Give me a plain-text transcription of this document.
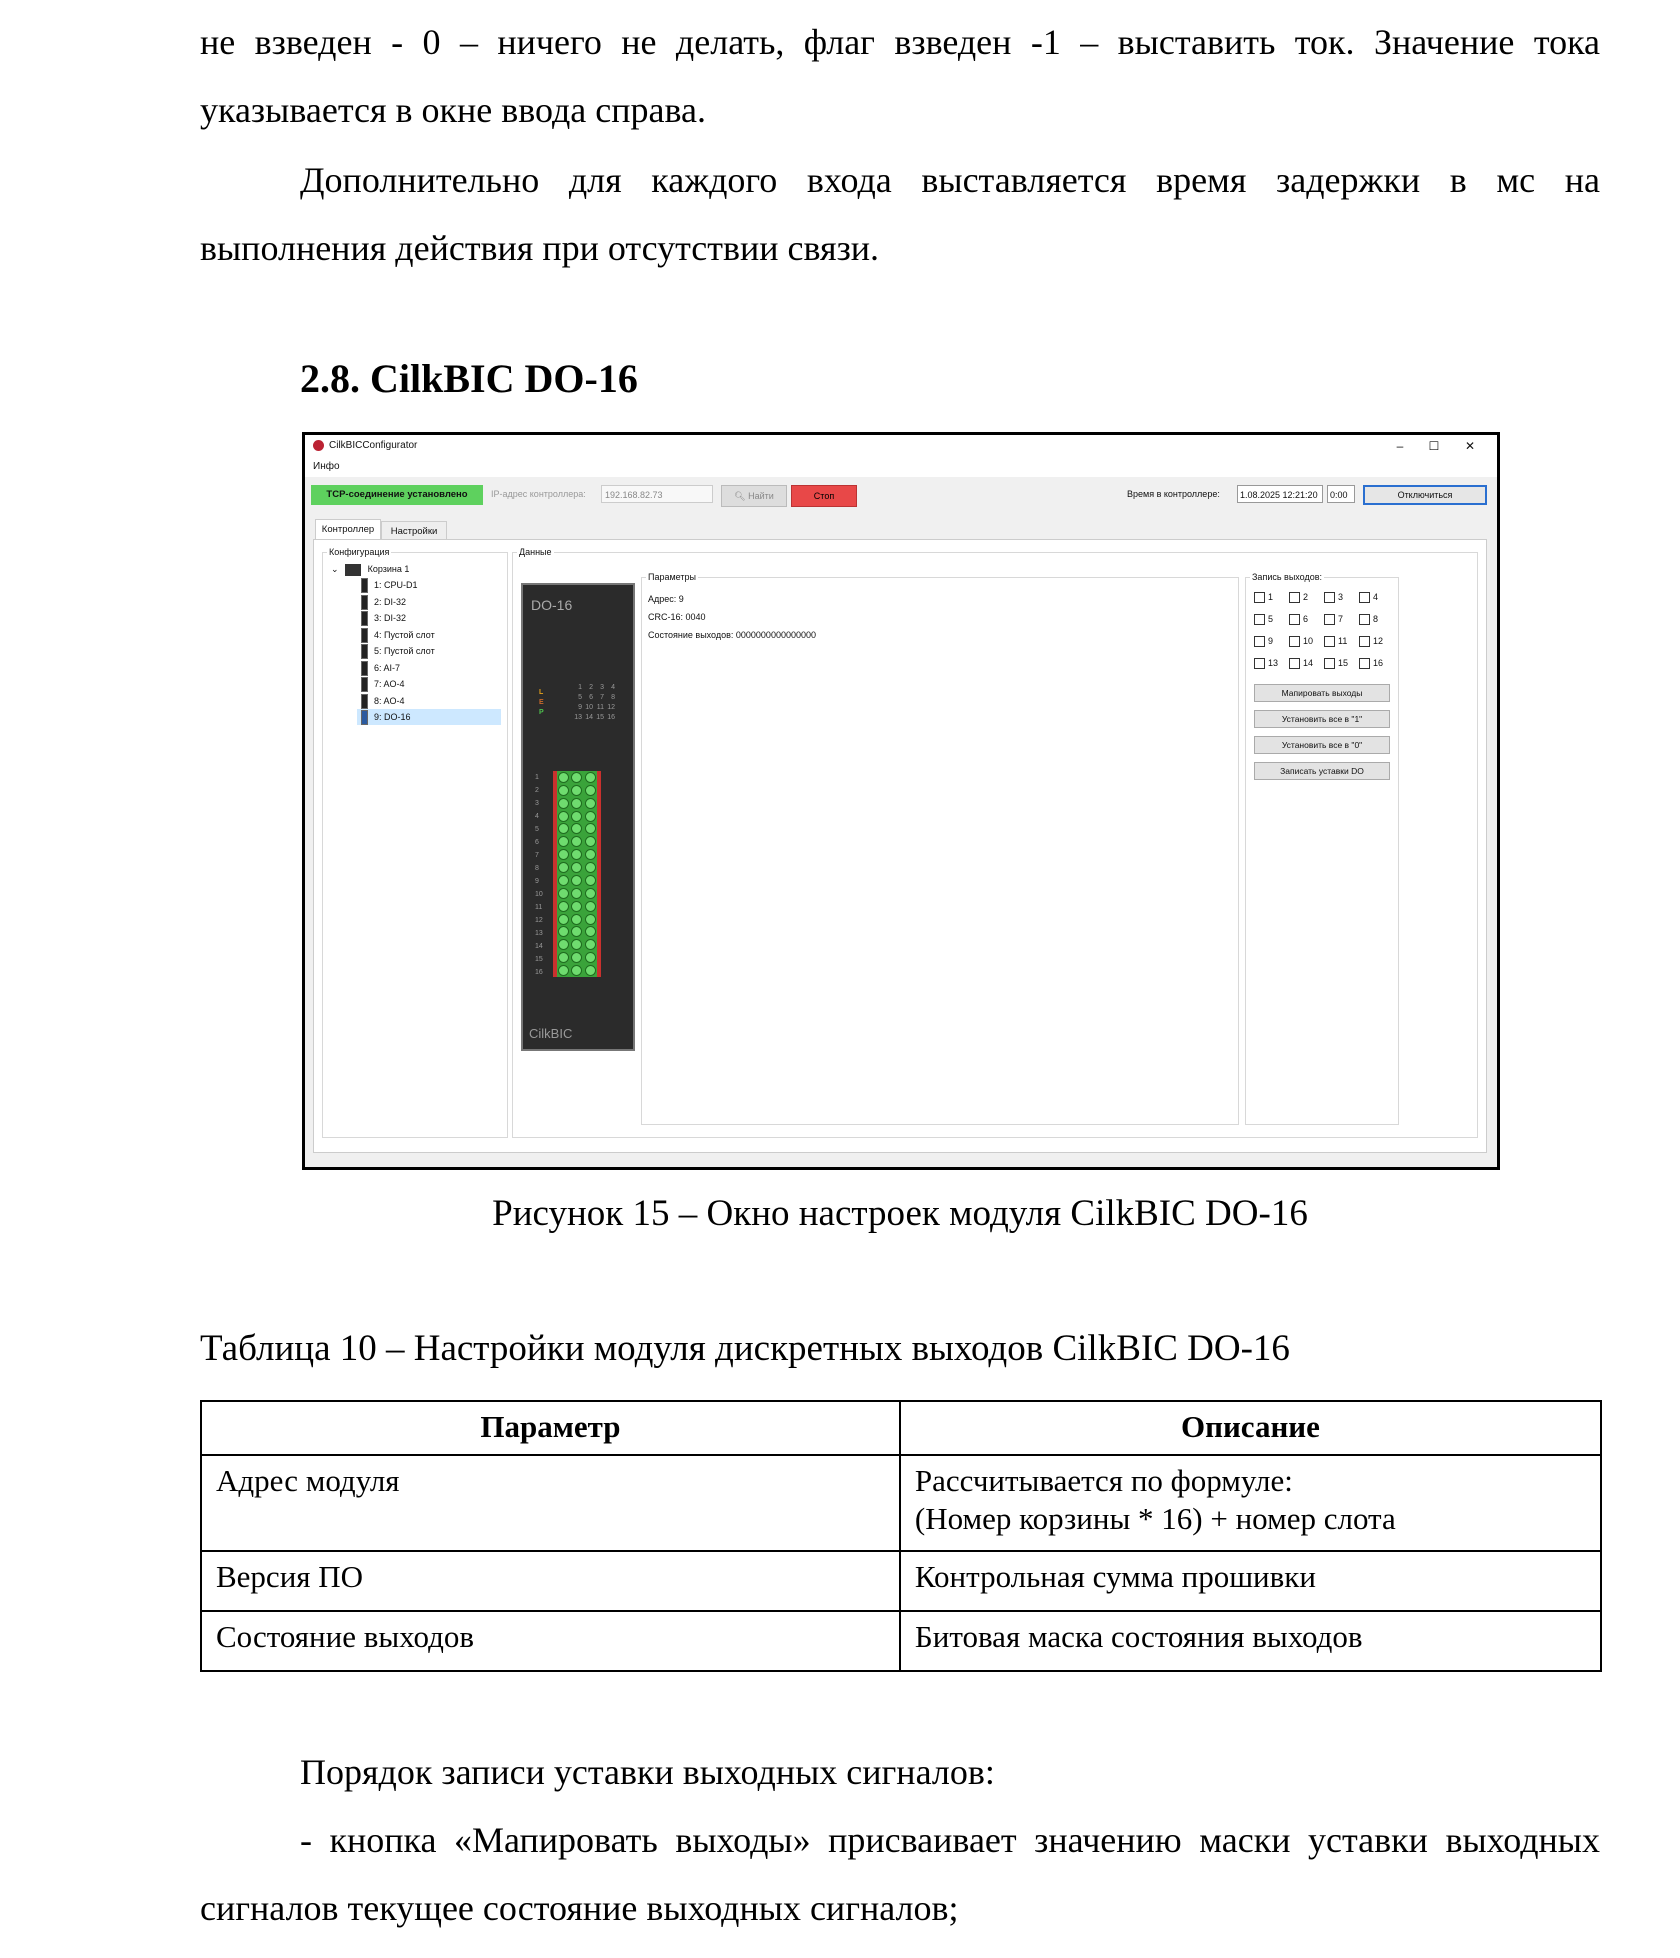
не взведен - 0 – ничего не делать, флаг взведен -1 – выставить ток. Значение тока указывается в окне ввода справа.

Дополнительно для каждого входа выставляется время задержки в мс на выполнения действия при отсутствии связи.

2.8. CilkBIC DO-16
CilkBICConfigurator	–	☐	✕
Инфо
TCP-соединение установлено	IP-адрес контроллера:	192.168.82.73	🔍︎ Найти	Стоп	Время в контроллере:	1.08.2025 12:21:20	0:00	Отключиться
Контроллер	Настройки
Конфигурация
⌄	Корзина 1
1: CPU-D1
2: DI-32
3: DI-32
4: Пустой слот
5: Пустой слот
6: AI-7
7: AO-4
8: AO-4
9: DO-16
Данные
DO-16
L
E
P
1 2 3 4
5 6 7 8
9 10 11 12
13 14 15 16
1
2
3
4
5
6
7
8
9
10
11
12
13
14
15
16
CilkBIC
Параметры
Адрес: 9
CRC-16: 0040
Состояние выходов: 0000000000000000
Запись выходов:
1	2	3	4
5	6	7	8
9	10	11	12
13	14	15	16
Мапировать выходы
Установить все в "1"
Установить все в "0"
Записать уставки DO
Рисунок 15 – Окно настроек модуля CilkBIC DO-16
Таблица 10 – Настройки модуля дискретных выходов CilkBIC DO-16
Параметр	Описание
Адрес модуля	Рассчитывается по формуле:
(Номер корзины * 16) + номер слота

Версия ПО	Контрольная сумма прошивки
Состояние выходов	Битовая маска состояния выходов

Порядок записи уставки выходных сигналов:

- кнопка «Мапировать выходы» присваивает значению маски уставки выходных сигналов текущее состояние выходных сигналов;
